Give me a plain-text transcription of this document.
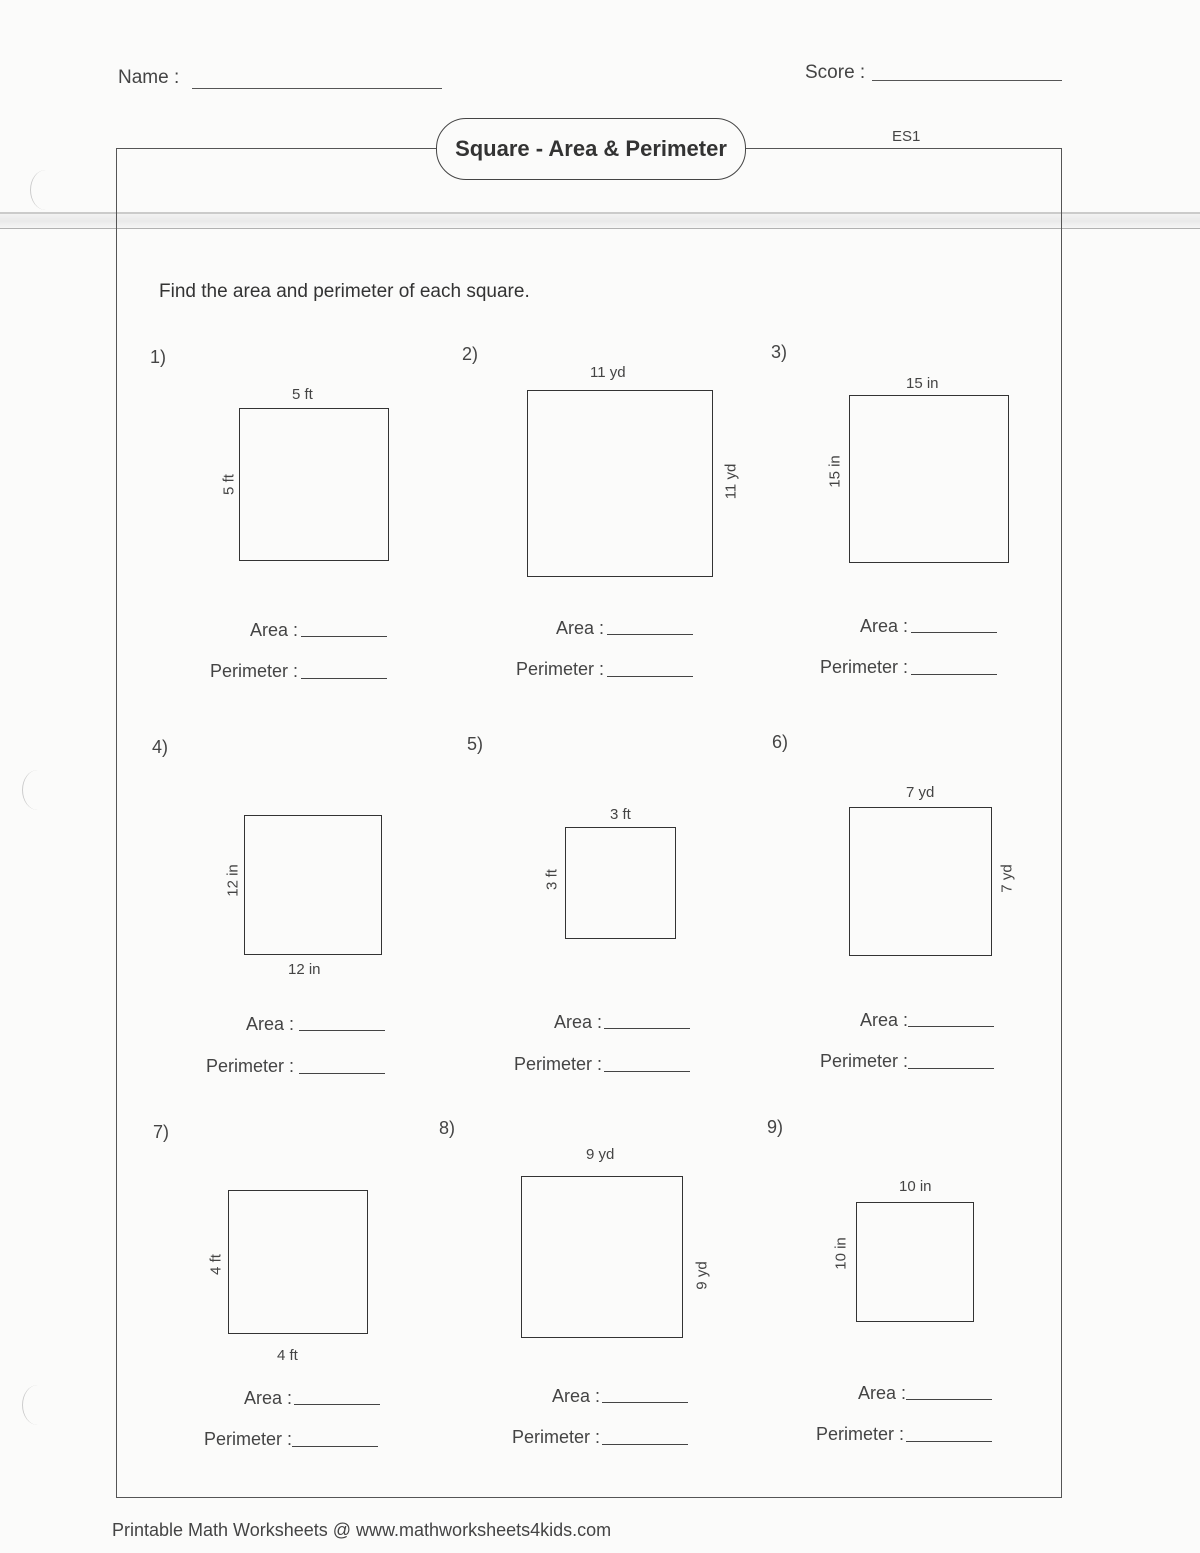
Name :	Score :
Square - Area & Perimeter	ES1
Find the area and perimeter of each square.
1)
5 ft
5 ft
Area :
Perimeter :
2)
11 yd
11 yd
Area :
Perimeter :
3)
15 in
15 in
Area :
Perimeter :
4)
12 in
12 in
Area :
Perimeter :
5)
3 ft
3 ft
Area :
Perimeter :
6)
7 yd
7 yd
Area :
Perimeter :
7)
4 ft
4 ft
Area :
Perimeter :
8)
9 yd
9 yd
Area :
Perimeter :
9)
10 in
10 in
Area :
Perimeter :
Printable Math Worksheets @ www.mathworksheets4kids.com
